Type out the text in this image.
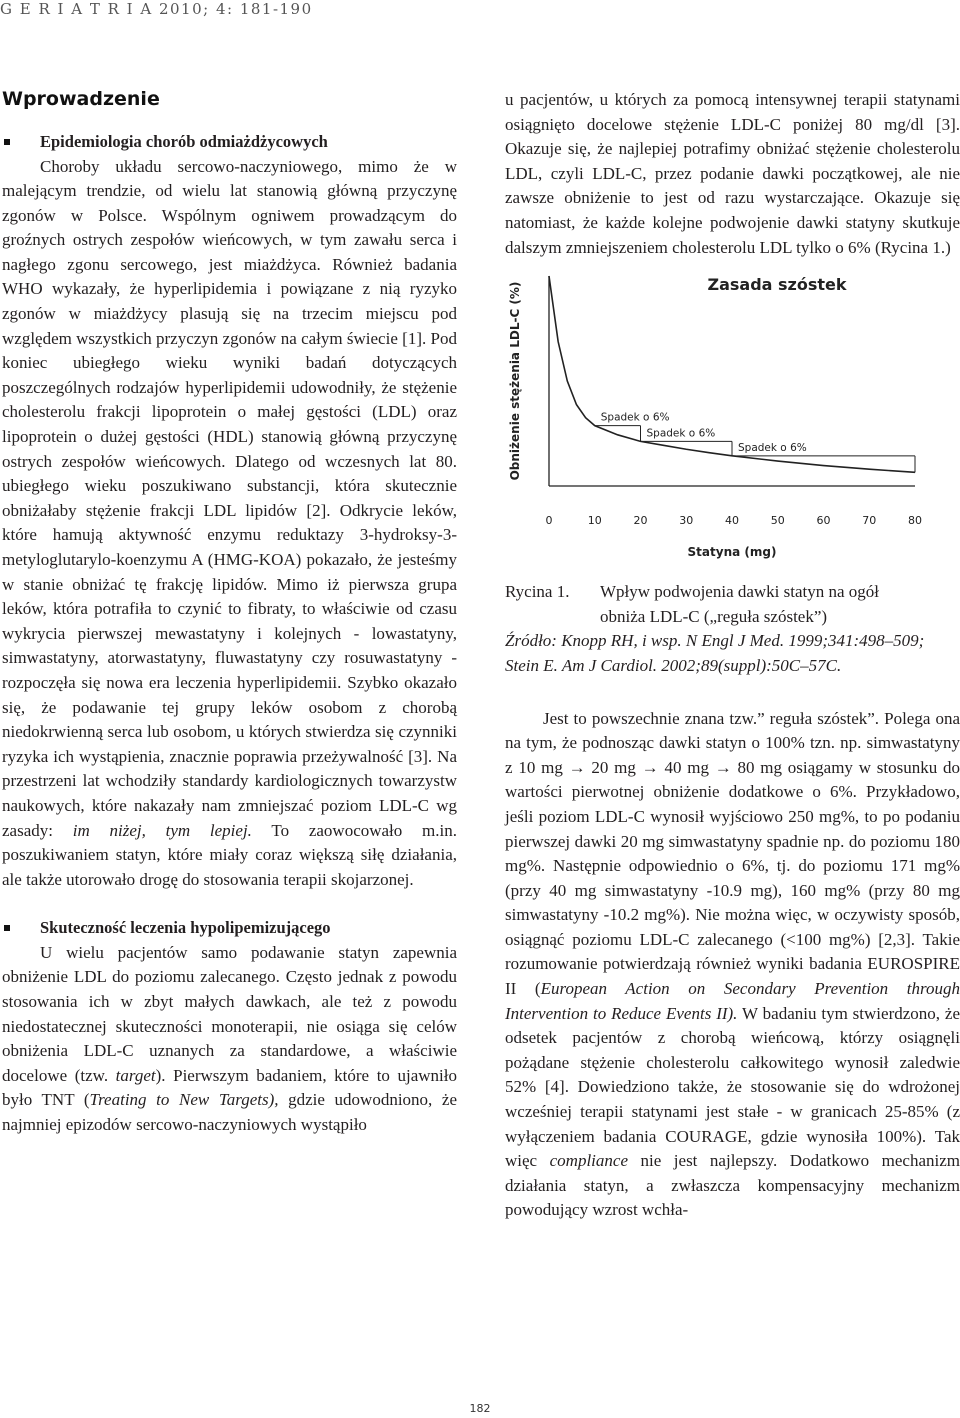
G E R I A T R I A 2010; 4: 181-190
Wprowadzenie
Epidemiologia chorób odmiażdżycowych

Choroby układu sercowo-naczyniowego, mimo że w malejącym trendzie, od wielu lat stanowią główną przyczynę zgonów w Polsce. Wspólnym ogniwem prowadzącym do groźnych ostrych zespołów wieńcowych, w tym zawału serca i nagłego zgonu sercowego, jest miażdżyca. Również badania WHO wykazały, że hyperlipidemia i powiązane z nią ryzyko zgonów w miażdżycy plasują się na trzecim miejscu pod względem wszystkich przyczyn zgonów na całym świecie [1]. Pod koniec ubiegłego wieku wyniki badań dotyczących poszczególnych rodzajów hyperlipidemii udowodniły, że stężenie cholesterolu frakcji lipoprotein o małej gęstości (LDL) oraz lipoprotein o dużej gęstości (HDL) stanowią główną przyczynę ostrych zespołów wieńcowych. Dlatego od wczesnych lat 80. ubiegłego wieku poszukiwano substancji, która skutecznie obniżałaby stężenie frakcji LDL lipidów [2]. Odkrycie leków, które hamują aktywność enzymu reduktazy 3-hydroksy-3-metyloglutarylo-koenzymu A (HMG-KOA) pokazało, że jesteśmy w stanie obniżać tę frakcję lipidów. Mimo iż pierwsza grupa leków, która potrafiła to czynić to fibraty, to właściwie od czasu wykrycia pierwszej mewastatyny i kolejnych - lowastatyny, simwastatyny, atorwastatyny, fluwastatyny czy rosuwastatyny - rozpoczęła się nowa era leczenia hyperlipidemii. Szybko okazało się, że podawanie tej grupy leków osobom z chorobą niedokrwienną serca lub osobom, u których stwierdza się czynniki ryzyka ich wystąpienia, znacznie poprawia przeżywalność [3]. Na przestrzeni lat wchodziły standardy kardiologicznych towarzystw naukowych, które nakazały nam zmniejszać poziom LDL-C wg zasady: im niżej, tym lepiej. To zaowocowało m.in. poszukiwaniem statyn, które miały coraz większą siłę działania, ale także utorowało drogę do stosowania terapii skojarzonej.

Skuteczność leczenia hypolipemizującego

U wielu pacjentów samo podawanie statyn zapewnia obniżenie LDL do poziomu zalecanego. Często jednak z powodu stosowania ich w zbyt małych dawkach, ale też z powodu niedostatecznej skuteczności monoterapii, nie osiąga się celów obniżenia LDL-C uznanych za standardowe, a właściwie docelowe (tzw. target). Pierwszym badaniem, które to ujawniło było TNT (Treating to New Targets), gdzie udowodniono, że najmniej epizodów sercowo-naczyniowych wystąpiło

u pacjentów, u których za pomocą intensywnej terapii statynami osiągnięto docelowe stężenie LDL-C poniżej 80 mg/dl [3]. Okazuje się, że najlepiej potrafimy obniżać stężenie cholesterolu LDL, czyli LDL-C, przez podanie dawki początkowej, ale nie zawsze obniżenie to jest od razu wystarczające. Okazuje się natomiast, że każde kolejne podwojenie dawki statyny skutkuje dalszym zmniejszeniem cholesterolu LDL tylko o 6% (Rycina 1.)

Zasada szóstek
Spadek o 6%
Spadek o 6%
Spadek o 6%
0	10	20	30	40	50	60	70	80
Statyna (mg)
Obniżenie stężenia LDL-C (%)
Rycina 1.	Wpływ podwojenia dawki statyn na ogół
obniża LDL-C („reguła szóstek”)
Źródło: Knopp RH, i wsp. N Engl J Med. 1999;341:498–509; Stein E. Am J Cardiol. 2002;89(suppl):50C–57C.

Jest to powszechnie znana tzw.” reguła szóstek”. Polega ona na tym, że podnosząc dawki statyn o 100% tzn. np. simwastatyny z 10 mg → 20 mg → 40 mg → 80 mg osiągamy w stosunku do wartości pierwotnej obniżenie dodatkowe o 6%. Przykładowo, jeśli poziom LDL-C wynosił wyjściowo 250 mg%, to po podaniu pierwszej dawki 20 mg simwastatyny spadnie np. do poziomu 180 mg%. Następnie odpowiednio o 6%, tj. do poziomu 171 mg% (przy 40 mg simwastatyny -10.9 mg), 160 mg% (przy 80 mg simwastatyny -10.2 mg%). Nie można więc, w oczywisty sposób, osiągnąć poziomu LDL-C zalecanego (<100 mg%) [2,3]. Takie rozumowanie potwierdzają również wyniki badania EUROSPIRE II (European Action on Secondary Prevention through Intervention to Reduce Events II). W badaniu tym stwierdzono, że odsetek pacjentów z chorobą wieńcową, którzy osiągnęli pożądane stężenie cholesterolu całkowitego wynosił zaledwie 52% [4]. Dowiedziono także, że stosowanie się do wdrożonej wcześniej terapii statynami jest stałe - w granicach 25-85% (z wyłączeniem badania COURAGE, gdzie wynosiła 100%). Tak więc compliance nie jest najlepszy. Dodatkowo mechanizm działania statyn, a zwłaszcza kompensacyjny mechanizm powodujący wzrost wchła-

182
